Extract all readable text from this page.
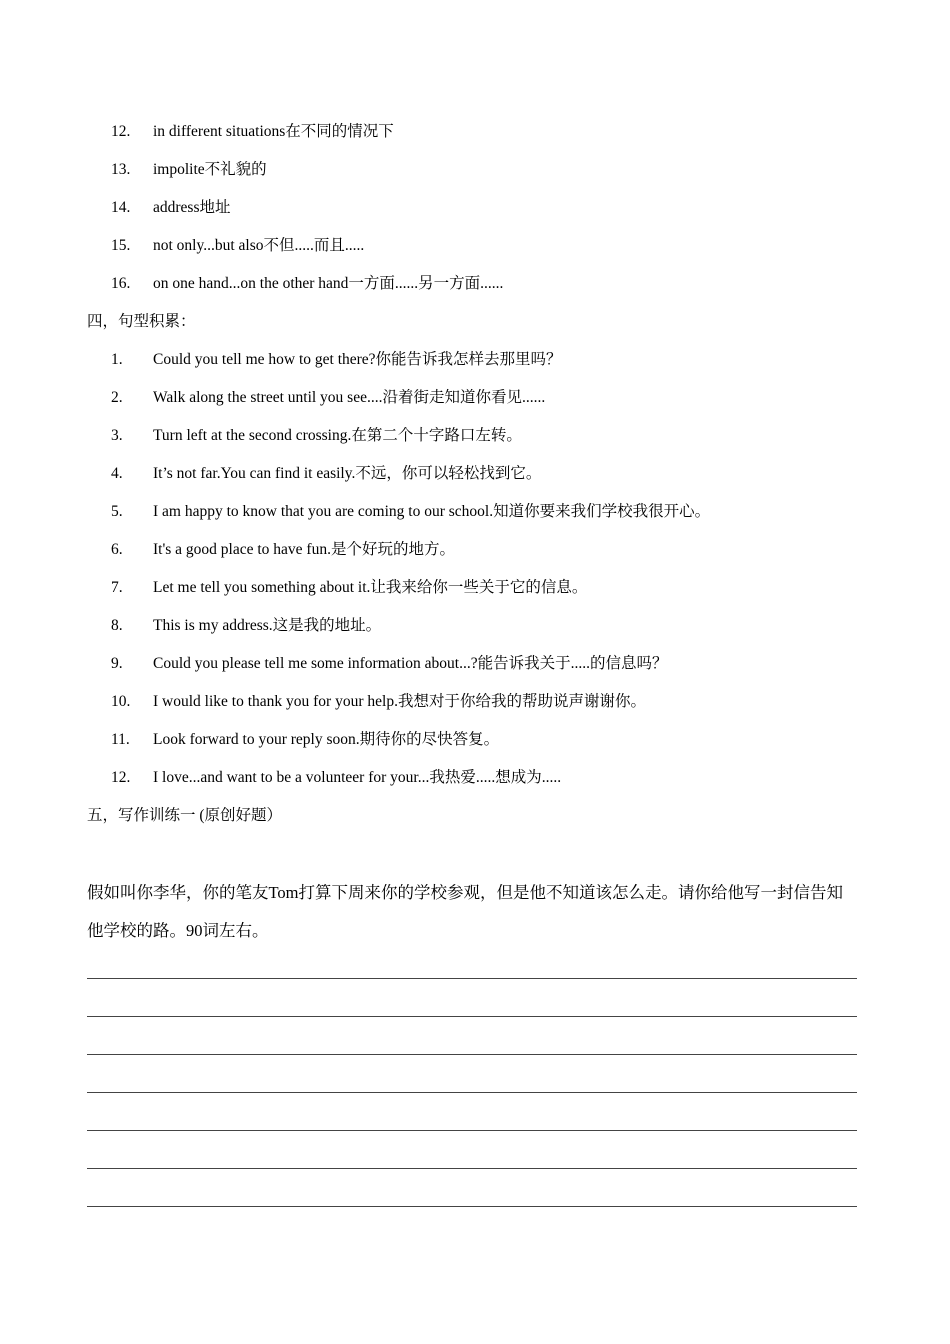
12. in different situations在不同的情况下
13. impolite不礼貌的
14. address地址
15. not only...but also不但.....而且.....
16. on one hand...on the other hand一方面......另一方面......
四，句型积累：
1. Could you tell me how to get there?你能告诉我怎样去那里吗？
2. Walk along the street until you see....沿着街走知道你看见......
3. Turn left at the second crossing.在第二个十字路口左转。
4. It’s not far.You can find it easily.不远，你可以轻松找到它。
5. I am happy to know that you are coming to our school.知道你要来我们学校我很开心。
6. It's a good place to have fun.是个好玩的地方。
7. Let me tell you something about it.让我来给你一些关于它的信息。
8. This is my address.这是我的地址。
9. Could you please tell me some information about...?能告诉我关于.....的信息吗？
10. I would like to thank you for your help.我想对于你给我的帮助说声谢谢你。
11. Look forward to your reply soon.期待你的尽快答复。
12. I love...and want to be a volunteer for your...我热爱.....想成为.....
五，写作训练一 (原创好题）
假如叫你李华，你的笔友Tom打算下周来你的学校参观，但是他不知道该怎么走。请你给他写一封信告知
他学校的路。90词左右。
